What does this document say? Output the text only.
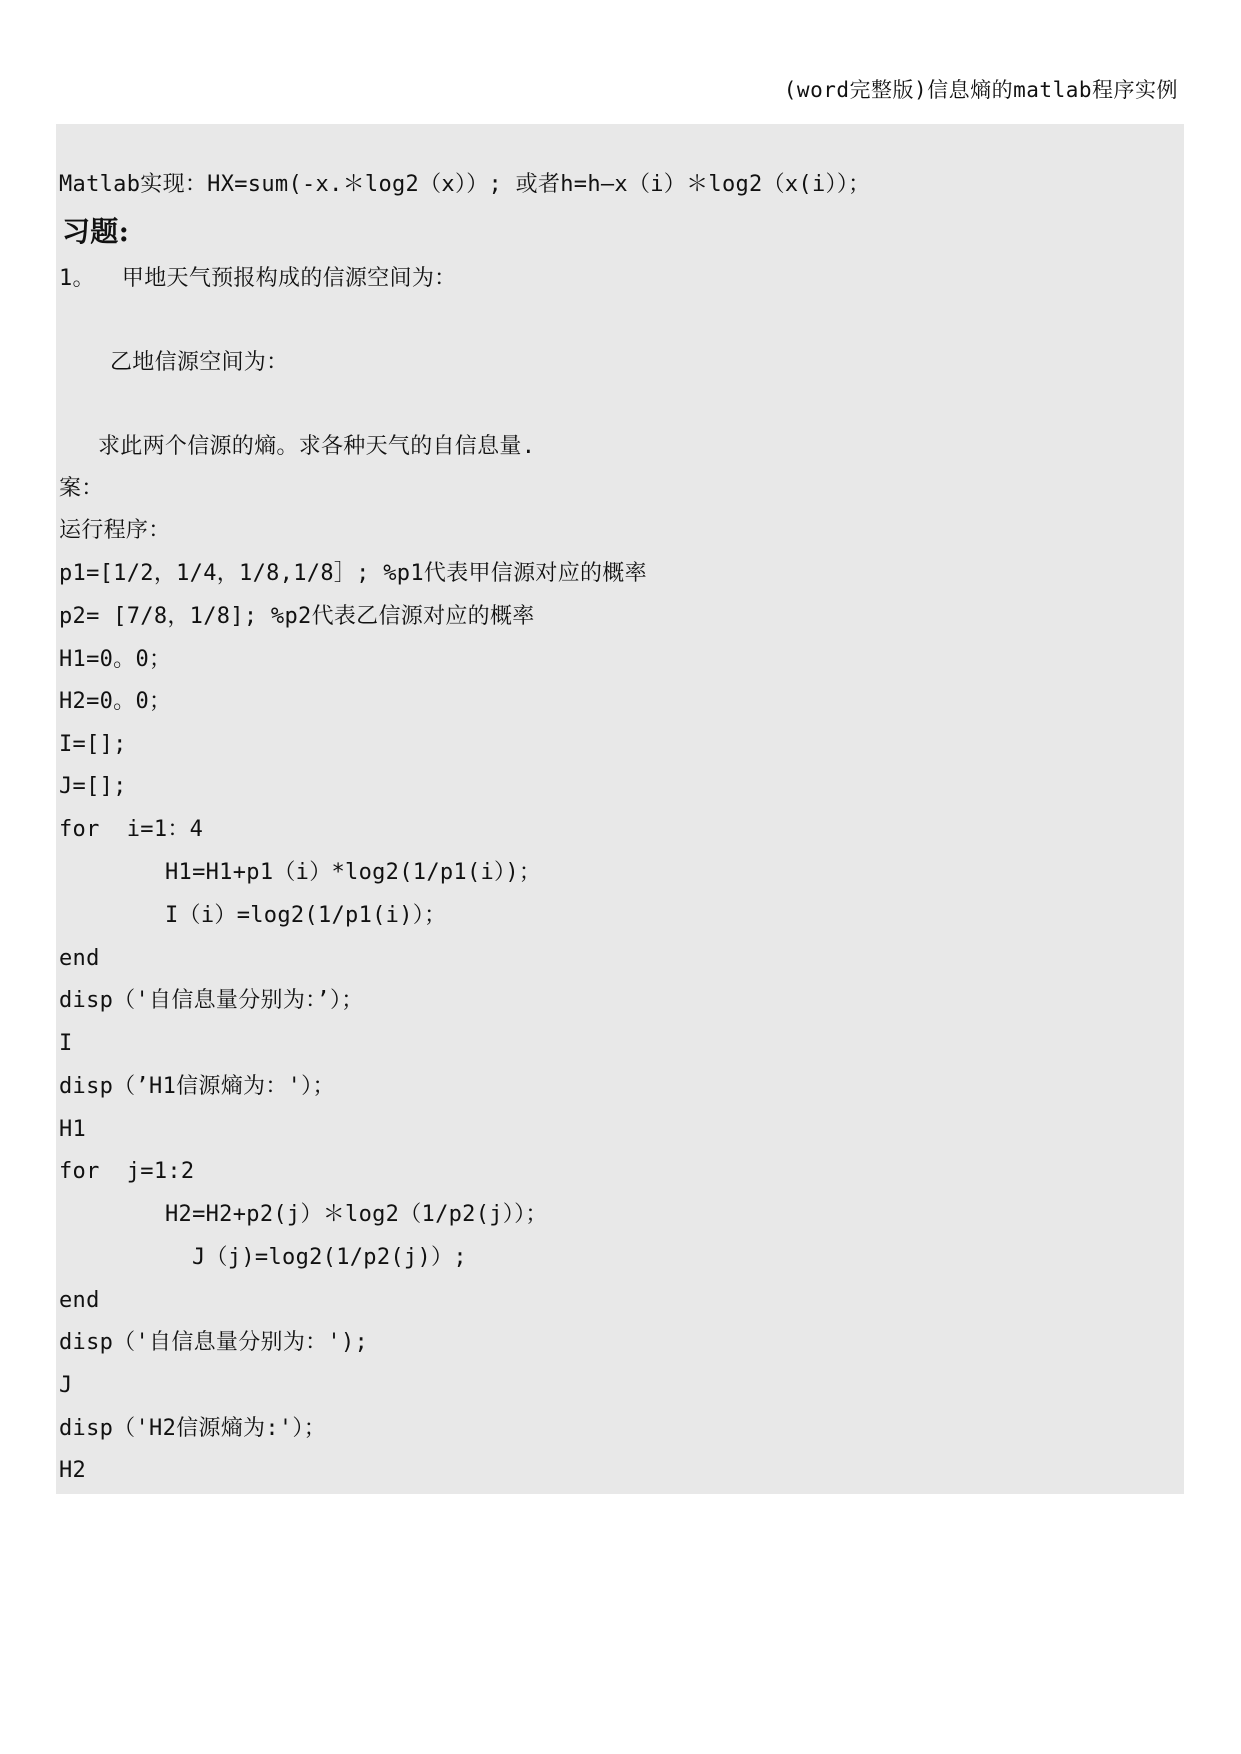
(word完整版)信息熵的matlab程序实例
Matlab实现：HX=sum(-x.＊log2（x））; 或者h=h—x（i）＊log2（x(i））；
习题:
1。  甲地天气预报构成的信源空间为：
乙地信源空间为：
求此两个信源的熵。求各种天气的自信息量.
案：
运行程序：
p1=[1/2，1/4，1/8,1/8］; %p1代表甲信源对应的概率
p2= [7/8，1/8]; %p2代表乙信源对应的概率
H1=0。0；
H2=0。0；
I=[];
J=[];
for  i=1：4
H1=H1+p1（i）*log2(1/p1(i）)；
I（i）=log2(1/p1(i)）；
end
disp（'自信息量分别为：’）；
I
disp（’H1信源熵为：'）；
H1
for  j=1:2
H2=H2+p2(j）＊log2（1/p2(j））；
J（j)=log2(1/p2(j)）;
end
disp（'自信息量分别为：');
J
disp（'H2信源熵为:'）；
H2
